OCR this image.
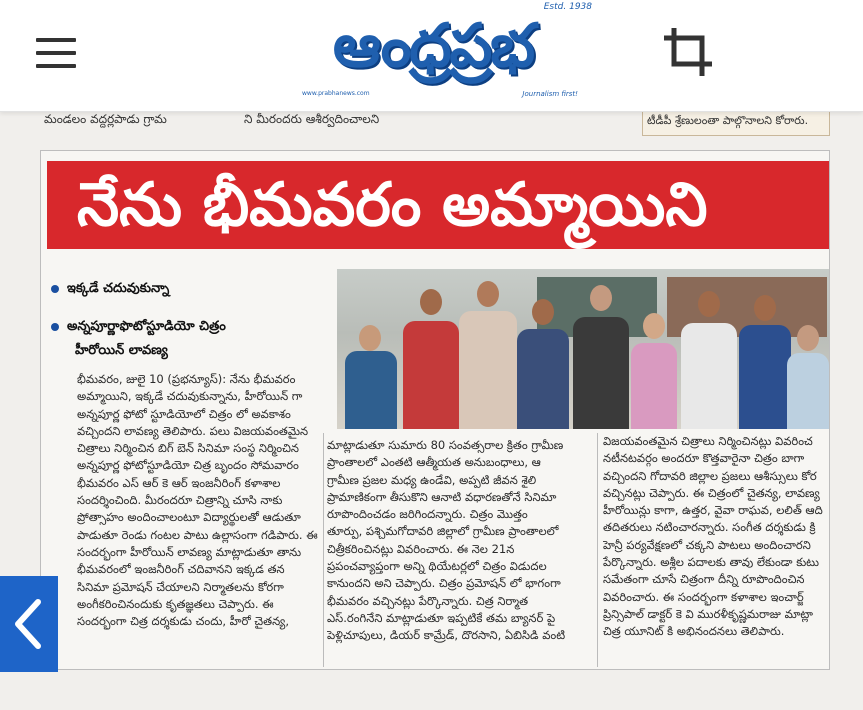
ఆంధ్రప్రభ
Estd. 1938
www.prabhanews.com	Journalism first!
మండలం వద్దర్లపాడు గ్రామ	ని మీరందరు ఆశీర్వదించాలని	టీడీపీ శ్రేణులంతా పాల్గొనాలని కోరారు.
నేను భీమవరం అమ్మాయిని
ఇక్కడే చదువుకున్నా
అన్నపూర్ణాఫొటోస్టూడియో చిత్రం
హీరోయిన్ లావణ్య

భీమవరం, జులై 10 (ప్రభన్యూస్): నేను భీమవరం

అమ్మాయిని, ఇక్కడే చదువుకున్నాను, హీరోయిన్ గా

అన్నపూర్ణ ఫోటో స్టూడియోలో చిత్రం లో అవకాశం

వచ్చిందని లావణ్య తెలిపారు. పలు విజయవంతమైన

చిత్రాలు నిర్మించిన బిగ్ బెన్ సినిమా సంస్థ నిర్మించిన

అన్నపూర్ణ ఫోటోస్టూడియో చిత్ర బృందం సోమవారం

భీమవరం ఎస్ ఆర్ కె ఆర్ ఇంజనీరింగ్ కళాశాల

సందర్శించింది. మీరందరూ చిత్రాన్ని చూసి నాకు

ప్రోత్సాహం అందించాలంటూ విద్యార్థులతో ఆడుతూ

పాడుతూ రెండు గంటల పాటు ఉల్లాసంగా గడిపారు. ఈ

సందర్భంగా హీరోయిన్ లావణ్య మాట్లాడుతూ తాను

భీమవరంలో ఇంజనీరింగ్ చదివానని ఇక్కడ తన

సినిమా ప్రమోషన్ చేయాలని నిర్మాతలను కోరగా

అంగీకరించినందుకు కృతజ్ఞతలు చెప్పారు. ఈ

సందర్భంగా చిత్ర దర్శకుడు చందు, హీరో చైతన్య,

మాట్లాడుతూ సుమారు 80 సంవత్సరాల క్రితం గ్రామీణ

ప్రాంతాలలో ఎంతటి ఆత్మీయత అనుబంధాలు, ఆ

గ్రామీణ ప్రజల మధ్య ఉండేవి, అప్పటి జీవన శైలి

ప్రామాణికంగా తీసుకొని ఆనాటి వధారణతోనే సినిమా

రూపొందించడం జరిగిందన్నారు. చిత్రం మొత్తం

తూర్పు, పశ్చిమగోదావరి జిల్లాలో గ్రామీణ ప్రాంతాలలో

చిత్రీకరించినట్లు వివరించారు. ఈ నెల 21న

ప్రపంచవ్యాప్తంగా అన్ని థియేటర్లలో చిత్రం విడుదల

కానుందని అని చెప్పారు. చిత్రం ప్రమోషన్ లో భాగంగా

భీమవరం వచ్చినట్లు పేర్కొన్నారు. చిత్ర నిర్మాత

ఎస్.రంగినేని మాట్లాడుతూ ఇప్పటికే తమ బ్యానర్ పై

పెళ్లిచూపులు, డియర్ కామ్రేడ్, దొరసాని, ఏబిసిడి వంటి

విజయవంతమైన చిత్రాలు నిర్మించినట్లు వివరించ

నటీనటవర్గం అందరూ కొత్తవారైనా చిత్రం బాగా

వచ్చిందని గోదావరి జిల్లాల ప్రజలు ఆశీస్సులు కోర

వచ్చినట్లు చెప్పారు. ఈ చిత్రంలో చైతన్య, లావణ్య

హీరోయిన్లు కాగా, ఉత్తర, వైవా రాఘవ, లలిత్ ఆది

తదితరులు నటించారన్నారు. సంగీత దర్శకుడు క్రి

హెన్రీ పర్యవేక్షణలో చక్కని పాటలు అందించారని

పేర్కొన్నారు. అశ్లీల పదాలకు తావు లేకుండా కుటు

సమేతంగా చూసే చిత్రంగా దీన్ని రూపొందించిన

వివరించారు. ఈ సందర్భంగా కళాశాల ఇంచార్జ్

ప్రిన్సిపాల్ డాక్టర్ కె వి మురళీకృష్ణమరాజు మాట్లా

చిత్ర యూనిట్ కి అభినందనలు తెలిపారు.
